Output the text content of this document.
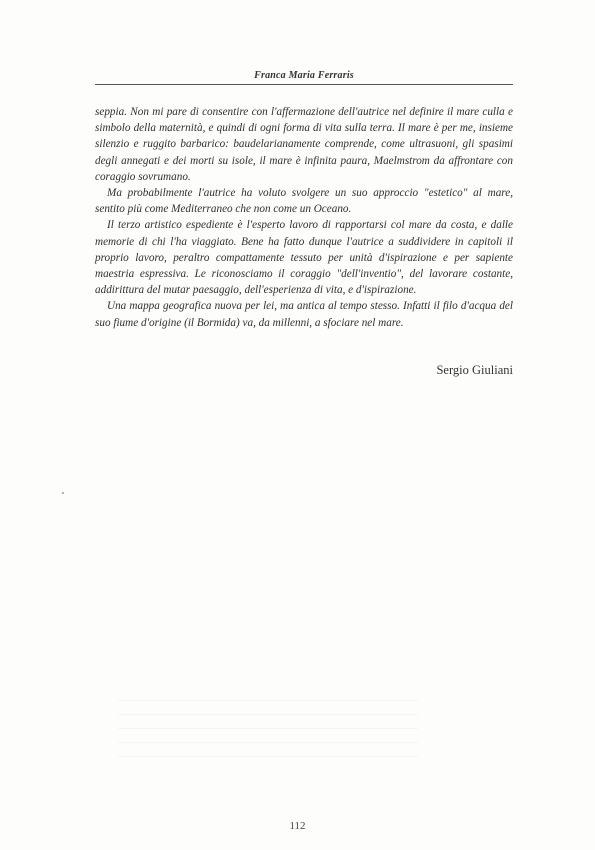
Franca Maria Ferraris

seppia. Non mi pare di consentire con l'affermazione dell'autrice nel definire il mare culla e simbolo della maternità, e quindi di ogni forma di vita sulla terra. Il mare è per me, insieme silenzio e ruggito barbarico: baudelarianamente comprende, come ultrasuoni, gli spasimi degli annegati e dei morti su isole, il mare è infinita paura, Maelmstrom da affrontare con coraggio sovrumano.

Ma probabilmente l'autrice ha voluto svolgere un suo approccio "estetico" al mare, sentito più come Mediterraneo che non come un Oceano.

Il terzo artistico espediente è l'esperto lavoro di rapportarsi col mare da costa, e dalle memorie di chi l'ha viaggiato. Bene ha fatto dunque l'autrice a suddividere in capitoli il proprio lavoro, peraltro compattamente tessuto per unità d'ispirazione e per sapiente maestria espressiva. Le riconosciamo il coraggio "dell'inventio", del lavorare costante, addirittura del mutar paesaggio, dell'esperienza di vita, e d'ispirazione.

Una mappa geografica nuova per lei, ma antica al tempo stesso. Infatti il filo d'acqua del suo fiume d'origine (il Bormida) va, da millenni, a sfociare nel mare.

Sergio Giuliani
112
